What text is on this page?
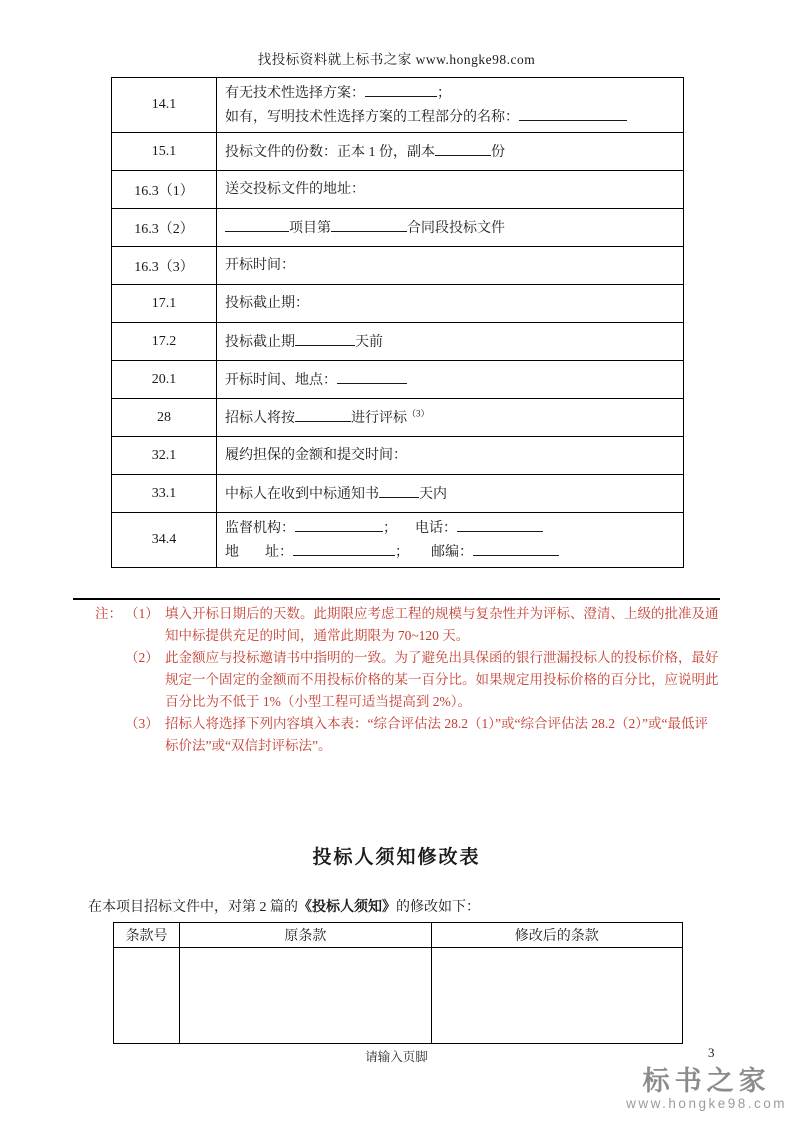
找投标资料就上标书之家 www.hongke98.com
14.1	有无技术性选择方案： ；
如有，写明技术性选择方案的工程部分的名称：

15.1	投标文件的份数：正本 1 份，副本 份

16.3（1）	送交投标文件的地址：

16.3（2）	项目第 合同段投标文件

16.3（3）	开标时间：

17.1	投标截止期：

17.2	投标截止期 天前

20.1	开标时间、地点：

28	招标人将按 进行评标$^{(3)}$

32.1	履约担保的金额和提交时间：

33.1	中标人在收到中标通知书 天内

34.4	监督机构： ； 电话：
地 址： ； 邮编：
注： （1） 填入开标日期后的天数。此期限应考虑工程的规模与复杂性并为评标、澄清、上级的批准及通知中标提供充足的时间，通常此期限为 70~120 天。
（2） 此金额应与投标邀请书中指明的一致。为了避免出具保函的银行泄漏投标人的投标价格，最好规定一个固定的金额而不用投标价格的某一百分比。如果规定用投标价格的百分比，应说明此百分比为不低于 1%（小型工程可适当提高到 2%）。
（3） 招标人将选择下列内容填入本表：“综合评估法 28.2（1）”或“综合评估法 28.2（2）”或“最低评标价法”或“双信封评标法”。
投标人须知修改表

在本项目招标文件中，对第 2 篇的《投标人须知》的修改如下：

条款号	原条款	修改后的条款

请输入页脚	3
标书之家
www.hongke98.com
